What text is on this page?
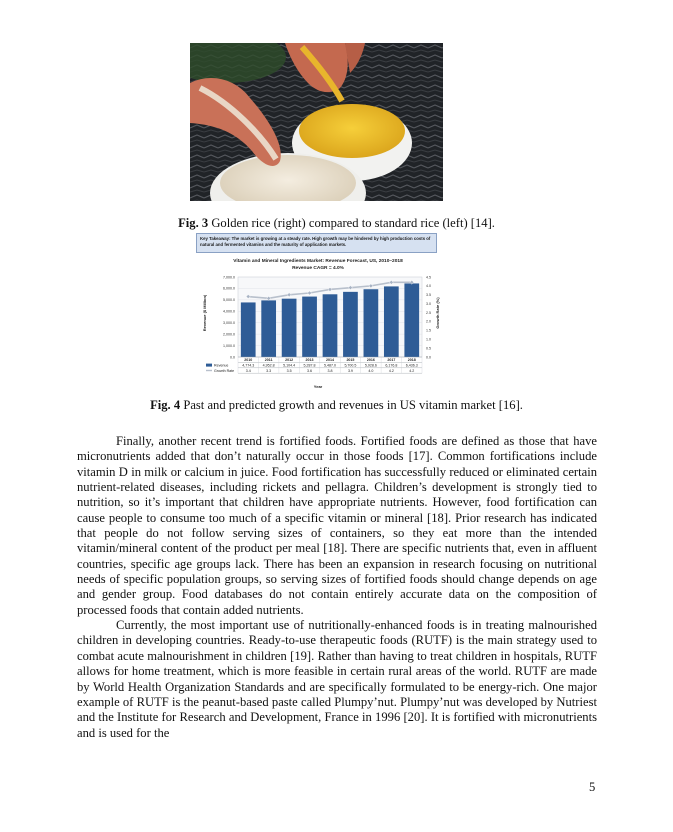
Fig. 3 Golden rice (right) compared to standard rice (left) [14].
Key Takeaway: The market is growing at a steady rate. High growth may be hindered by high production costs of natural and fermented vitamins and the maturity of application markets.
Vitamin and Mineral Ingredients Market: Revenue Forecast, US, 2010–2018
Revenue CAGR = 4.0%
Revenue ($ Million)	Growth Rate (%)
Year
0.0
1,000.0
2,000.0
3,000.0
4,000.0
5,000.0
6,000.0
7,000.0
0.0
0.5
1.0
1.5
2.0
2.5
3.0
3.5
4.0
4.5
2010	2011	2012	2013	2014	2015	2016	2017	2018
4,774.3 4,952.8 5,104.4 5,287.8 5,487.0 5,700.5 5,928.6 6,176.8 6,436.3
3.4	3.3	3.5	3.6	3.8	3.9	4.0	4.2	4.2
Revenue
Growth Rate
Fig. 4 Past and predicted growth and revenues in US vitamin market [16].

Finally, another recent trend is fortified foods. Fortified foods are defined as those that have micronutrients added that don’t naturally occur in those foods [17]. Common fortifications include vitamin D in milk or calcium in juice. Food fortification has successfully reduced or eliminated certain nutrient-related diseases, including rickets and pellagra. Children’s development is strongly tied to nutrition, so it’s important that children have appropriate nutrients. However, food fortification can cause people to consume too much of a specific vitamin or mineral [18]. Prior research has indicated that people do not follow serving sizes of containers, so they eat more than the intended vitamin/mineral content of the product per meal [18]. There are specific nutrients that, even in affluent countries, specific age groups lack. There has been an expansion in research focusing on nutritional needs of specific population groups, so serving sizes of fortified foods should change depends on age and gender group. Food databases do not contain entirely accurate data on the composition of processed foods that contain added nutrients.

Currently, the most important use of nutritionally-enhanced foods is in treating malnourished children in developing countries. Ready-to-use therapeutic foods (RUTF) is the main strategy used to combat acute malnourishment in children [19]. Rather than having to treat children in hospitals, RUTF allows for home treatment, which is more feasible in certain rural areas of the world. RUTF are made by World Health Organization Standards and are specifically formulated to be energy-rich. One major example of RUTF is the peanut-based paste called Plumpy’nut. Plumpy’nut was developed by Nutriest and the Institute for Research and Development, France in 1996 [20]. It is fortified with micronutrients and is used for the

5
